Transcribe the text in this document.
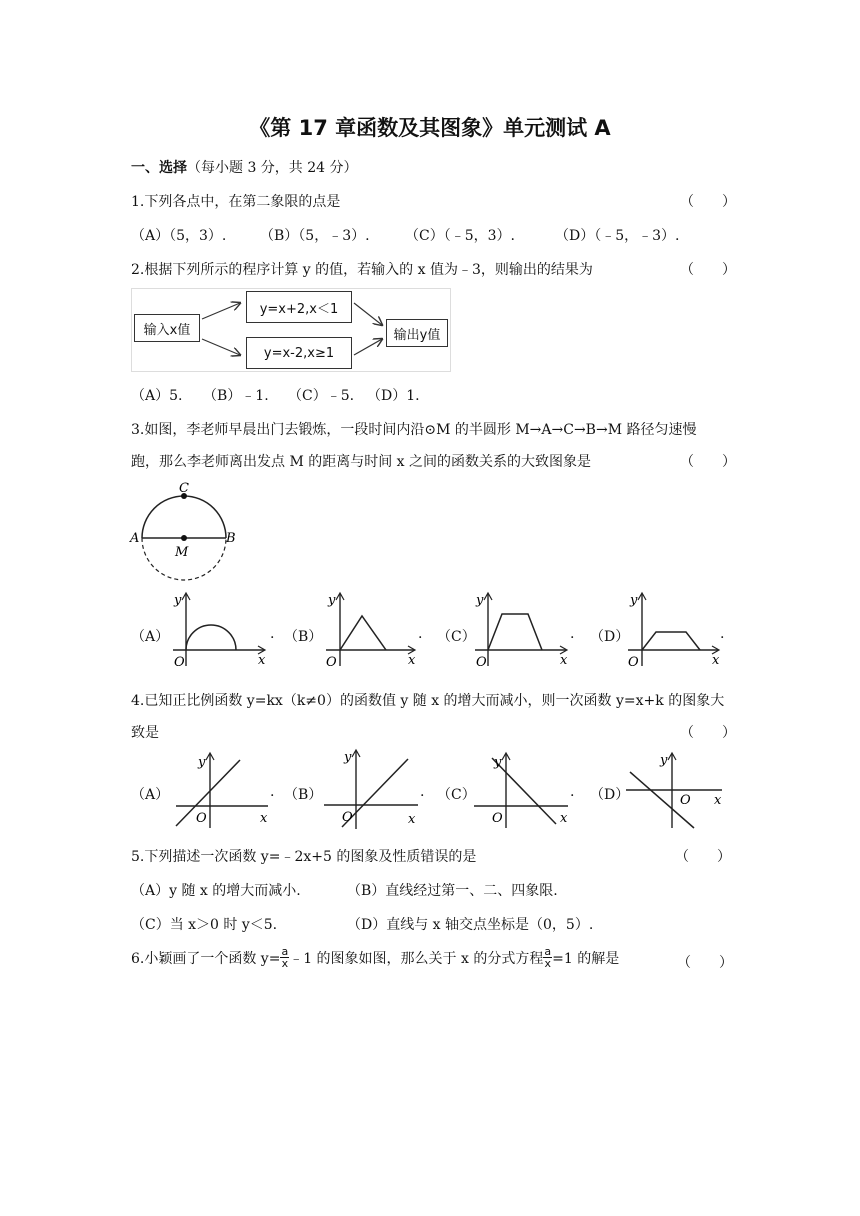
《第 17 章函数及其图象》单元测试 A
一、选择（每小题 3 分，共 24 分）
1.下列各点中，在第二象限的点是	（　　）
（A）（5，3）. （B）（5，﹣3）.	（C）（﹣5，3）.	（D）（﹣5，﹣3）.
2.根据下列所示的程序计算 y 的值，若输入的 x 值为﹣3，则输出的结果为	（　　）
输入x值
y=x+2,x＜1
y=x-2,x≥1
输出y值
（A）5. （B）﹣1. （C）﹣5. （D）1.
3.如图，李老师早晨出门去锻炼，一段时间内沿⊙M 的半圆形 M→A→C→B→M 路径匀速慢
跑，那么李老师离出发点 M 的距离与时间 x 之间的函数关系的大致图象是	（　　）
C
A	B
M
（A）
y
x
O
. （B）
y
x
O
. （C）
y
x
O
. （D）
y
x
O
.
4.已知正比例函数 y=kx（k≠0）的函数值 y 随 x 的增大而减小，则一次函数 y=x+k 的图象大
致是	（　　）
（A）
y
x
O
. （B）
y
x
O
. （C）
y
x
O
. （D）
y
x
O
5.下列描述一次函数 y=﹣2x+5 的图象及性质错误的是	（　　）
（A）y 随 x 的增大而减小.	（B）直线经过第一、二、四象限.
（C）当 x＞0 时 y＜5.	（D）直线与 x 轴交点坐标是（0，5）.
6.小颖画了一个函数 $y= \frac{a}{x}$ ﹣1 的图象如图，那么关于 x 的分式方程 $\frac{a}{x} =1$ 的解是	（　　）
